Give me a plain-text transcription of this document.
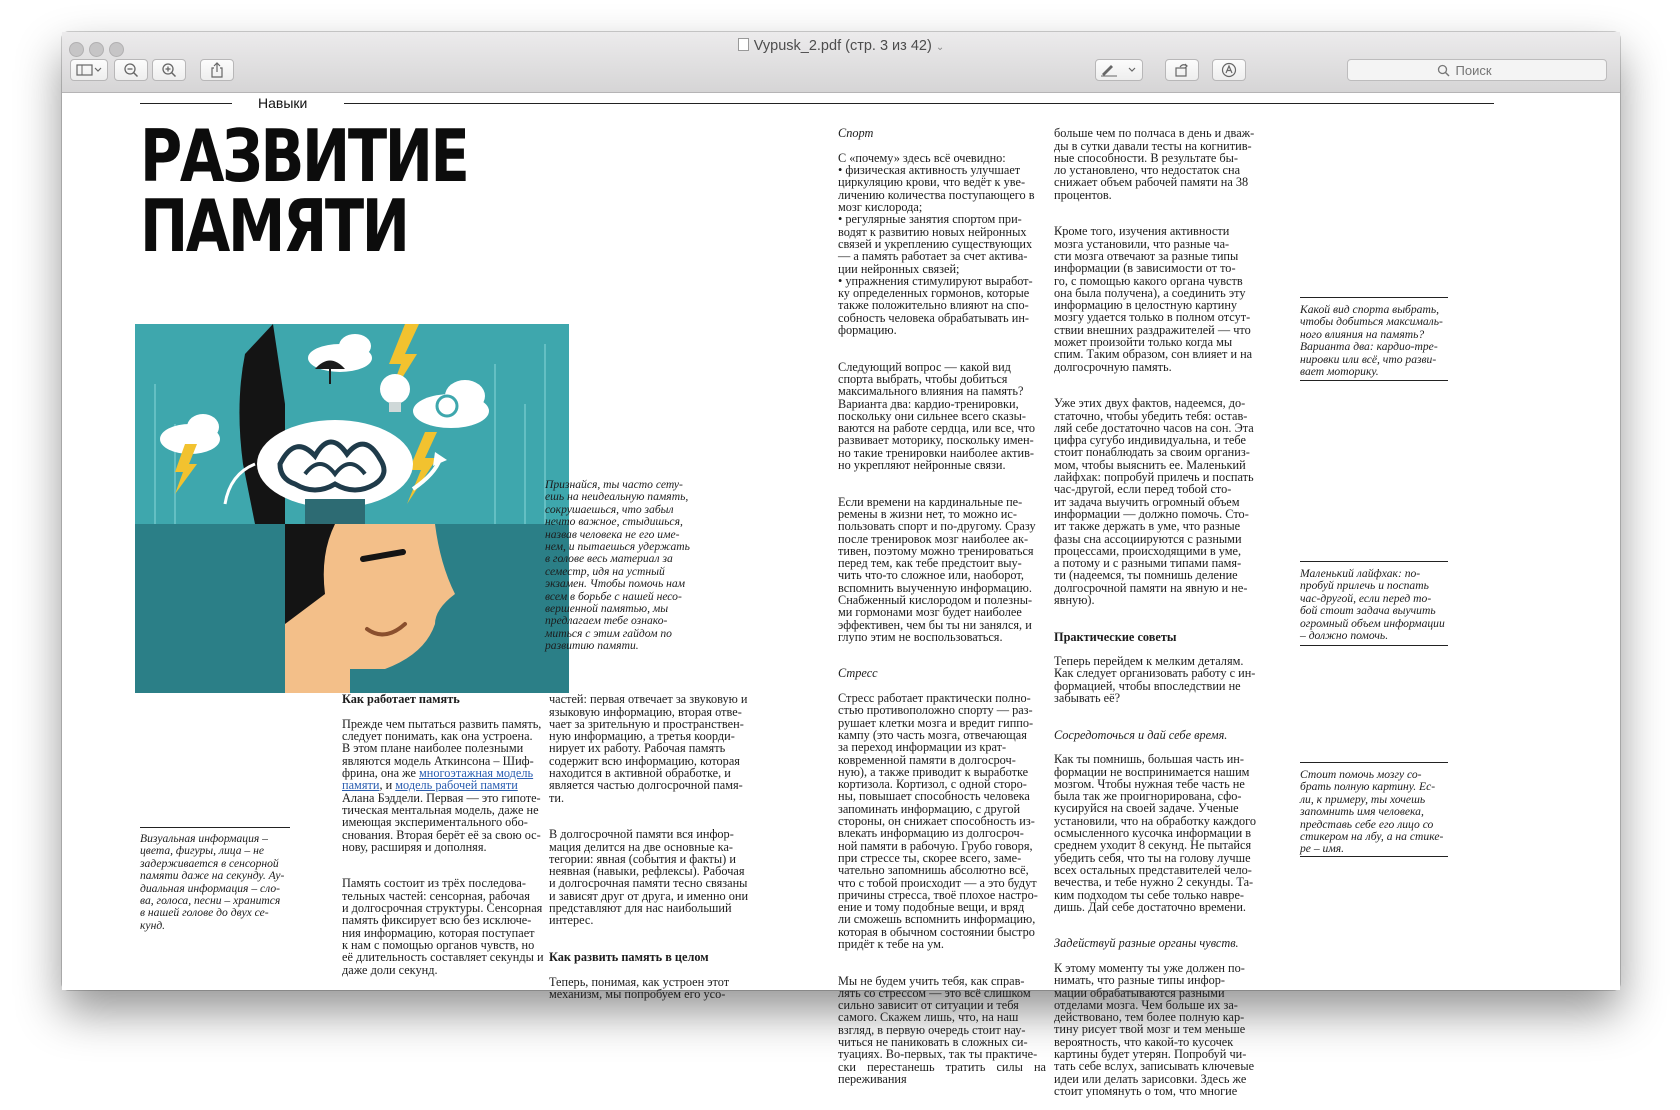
Vypusk_2.pdf (стр. 3 из 42) ⌄
Поиск
Навыки
РАЗВИТИЕ
ПАМЯТИ
Признайся, ты часто сету-
ешь на неидеальную память,
сокрушаешься, что забыл
нечто важное, стыдишься,
назвав человека не его име-
нем, и пытаешься удержать
в голове весь материал за
семестр, идя на устный
экзамен. Чтобы помочь нам
всем в борьбе с нашей несо-
вершенной памятью, мы
предлагаем тебе ознако-
миться с этим гайдом по
развитию памяти.
Визуальная информация –
цвета, фигуры, лица – не
задерживается в сенсорной
памяти даже на секунду. Ау-
диальная информация – сло-
ва, голоса, песни – хранится
в нашей голове до двух се-
кунд.

Как работает память

Прежде чем пытаться развить память,
следует понимать, как она устроена.
В этом плане наиболее полезными
являются модель Аткинсона – Шиф-
фрина, она же многоэтажная модель
памяти, и модель рабочей памяти
Алана Бэддели. Первая — это гипоте-
тическая ментальная модель, даже не
имеющая экспериментального обо-
снования. Вторая берёт её за свою ос-
нову, расширяя и дополняя.

Память состоит из трёх последова-
тельных частей: сенсорная, рабочая
и долгосрочная структуры. Сенсорная
память фиксирует всю без исключе-
ния информацию, которая поступает
к нам с помощью органов чувств, но
её длительность составляет секунды и
даже доли секунд.

частей: первая отвечает за звуковую и
языковую информацию, вторая отве-
чает за зрительную и пространствен-
ную информацию, а третья коорди-
нирует их работу. Рабочая память
содержит всю информацию, которая
находится в активной обработке, и
является частью долгосрочной памя-
ти.

В долгосрочной памяти вся инфор-
мация делится на две основные ка-
тегории: явная (события и факты) и
неявная (навыки, рефлексы). Рабочая
и долгосрочная памяти тесно связаны
и зависят друг от друга, и именно они
представляют для нас наибольший
интерес.

Как развить память в целом

Теперь, понимая, как устроен этот
механизм, мы попробуем его усо-

Спорт

С «почему» здесь всё очевидно:
• физическая активность улучшает
циркуляцию крови, что ведёт к уве-
личению количества поступающего в
мозг кислорода;
• регулярные занятия спортом при-
водят к развитию новых нейронных
связей и укреплению существующих
— а память работает за счет активa-
ции нейронных связей;
• упражнения стимулируют выработ-
ку определенных гормонов, которые
также положительно влияют на спо-
собность человека обрабатывать ин-
формацию.

Следующий вопрос — какой вид
спорта выбрать, чтобы добиться
максимального влияния на память?
Варианта два: кардио-тренировки,
поскольку они сильнее всего сказы-
ваются на работе сердца, или все, что
развивает моторику, поскольку имен-
но такие тренировки наиболее актив-
но укрепляют нейронные связи.

Если времени на кардинальные пе-
ремены в жизни нет, то можно ис-
пользовать спорт и по-другому. Сразу
после тренировок мозг наиболее ак-
тивен, поэтому можно тренироваться
перед тем, как тебе предстоит выу-
чить что-то сложное или, наоборот,
вспомнить выученную информацию.
Снабженный кислородом и полезны-
ми гормонами мозг будет наиболее
эффективен, чем бы ты ни занялся, и
глупо этим не воспользоваться.

Стресс

Стресс работает практически полно-
стью противоположно спорту — раз-
рушает клетки мозга и вредит гиппо-
кампу (это часть мозга, отвечающая
за переход информации из крат-
ковременной памяти в долгосроч-
ную), а также приводит к выработке
кортизола. Кортизол, с одной сторо-
ны, повышает способность человека
запоминать информацию, с другой
стороны, он снижает способность из-
влекать информацию из долгосроч-
ной памяти в рабочую. Грубо говоря,
при стрессе ты, скорее всего, заме-
чательно запомнишь абсолютно всё,
что с тобой происходит — а это будут
причины стресса, твоё плохое настро-
ение и тому подобные вещи, и вряд
ли сможешь вспомнить информацию,
которая в обычном состоянии быстро
придёт к тебе на ум.

Мы не будем учить тебя, как справ-
лять со стрессом — это всё слишком
сильно зависит от ситуации и тебя
самого. Скажем лишь, что, на наш
взгляд, в первую очередь стоит нау-
читься не паниковать в сложных си-
туациях. Во-первых, так ты практиче-
ски перестанешь тратить силы на переживания

больше чем по полчаса в день и дваж-
ды в сутки давали тесты на когнитив-
ные способности. В результате бы-
ло установлено, что недостаток сна
снижает объем рабочей памяти на 38
процентов.

Кроме того, изучения активности
мозга установили, что разные ча-
сти мозга отвечают за разные типы
информации (в зависимости от то-
го, с помощью какого органа чувств
она была получена), а соединить эту
информацию в целостную картину
мозгу удается только в полном отсут-
ствии внешних раздражителей — что
может произойти только когда мы
спим. Таким образом, сон влияет и на
долгосрочную память.

Уже этих двух фактов, надеемся, до-
статочно, чтобы убедить тебя: остав-
ляй себе достаточно часов на сон. Эта
цифра сугубо индивидуальна, и тебе
стоит понаблюдать за своим организ-
мом, чтобы выяснить ее. Маленький
лайфхак: попробуй прилечь и поспать
час-другой, если перед тобой сто-
ит задача выучить огромный объем
информации — должно помочь. Сто-
ит также держать в уме, что разные
фазы сна ассоциируются с разными
процессами, происходящими в уме,
а потому и с разными типами памя-
ти (надеемся, ты помнишь деление
долгосрочной памяти на явную и не-
явную).

Практические советы

Теперь перейдем к мелким деталям.
Как следует организовать работу с ин-
формацией, чтобы впоследствии не
забывать её?

Сосредоточься и дай себе время.

Как ты помнишь, большая часть ин-
формации не воспринимается нашим
мозгом. Чтобы нужная тебе часть не
была так же проигнорирована, сфо-
кусируйся на своей задаче. Ученые
установили, что на обработку каждого
осмысленного кусочка информации в
среднем уходит 8 секунд. Не пытайся
убедить себя, что ты на голову лучше
всех остальных представителей чело-
вечества, и тебе нужно 2 секунды. Та-
ким подходом ты себе только навре-
дишь. Дай себе достаточно времени.

Задействуй разные органы чувств.

К этому моменту ты уже должен по-
нимать, что разные типы инфор-
мации обрабатываются разными
отделами мозга. Чем больше их за-
действовано, тем более полную кар-
тину рисует твой мозг и тем меньше
вероятность, что какой-то кусочек
картины будет утерян. Попробуй чи-
тать себе вслух, записывать ключевые
идеи или делать зарисовки. Здесь же
стоит упомянуть о том, что многие

Какой вид спорта выбрать,
чтобы добиться максималь-
ного влияния на память?
Варианта два: кардио-тре-
нировки или всё, что разви-
вает моторику.
Маленький лайфхак: по-
пробуй прилечь и поспать
час-другой, если перед то-
бой стоит задача выучить
огромный объем информации
– должно помочь.
Стоит помочь мозгу со-
брать полную картину. Ес-
ли, к примеру, ты хочешь
запомнить имя человека,
представь себе его лицо со
стикером на лбу, а на стике-
ре – имя.
